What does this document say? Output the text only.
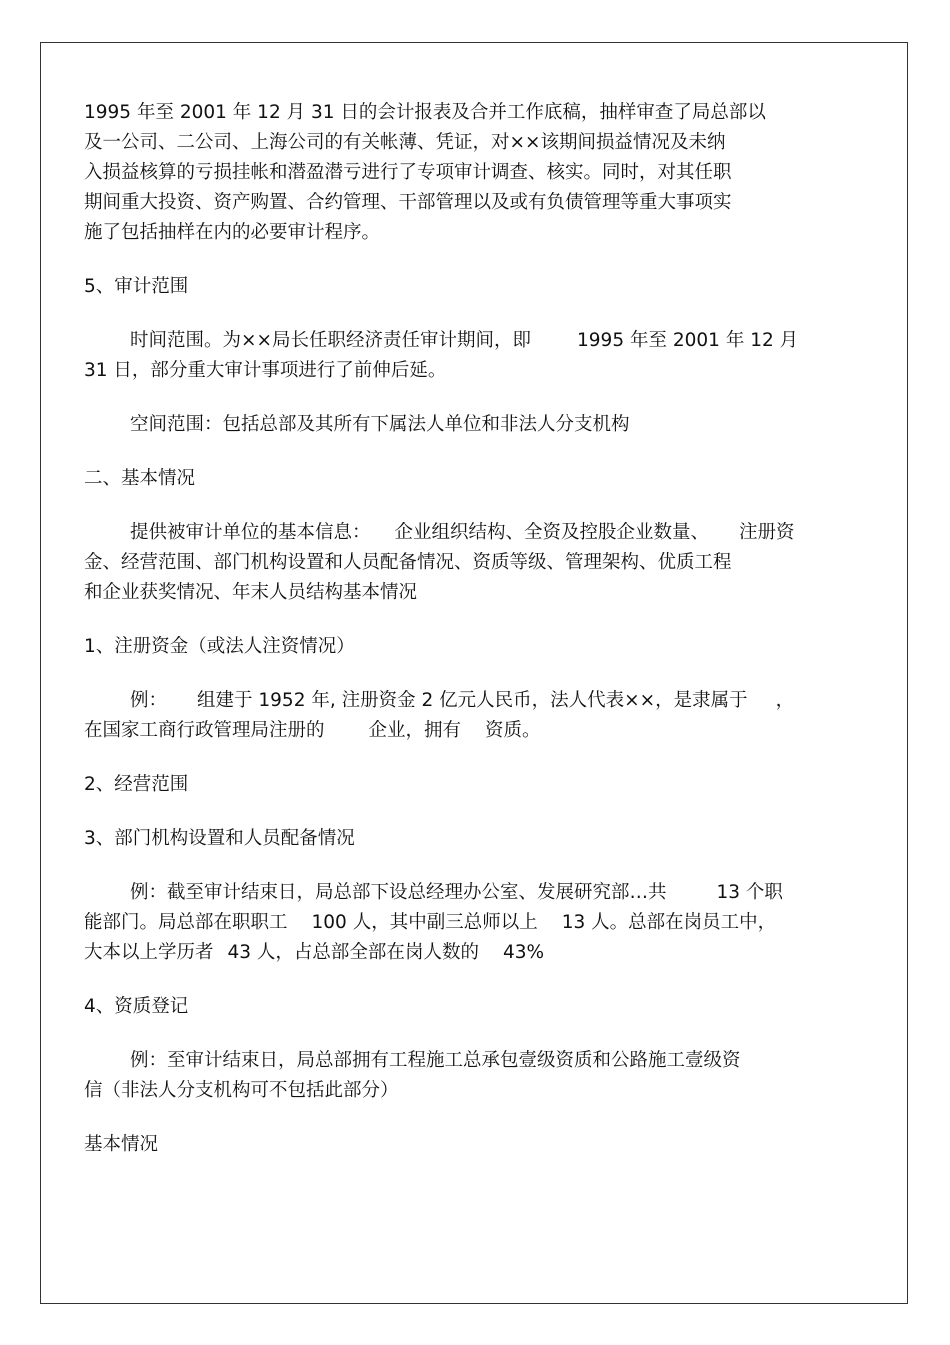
1995 年至 2001 年 12 月 31 日的会计报表及合并工作底稿，抽样审查了局总部以
及一公司、二公司、上海公司的有关帐薄、凭证，对××该期间损益情况及未纳
入损益核算的亏损挂帐和潜盈潜亏进行了专项审计调查、核实。同时，对其任职
期间重大投资、资产购置、合约管理、干部管理以及或有负债管理等重大事项实
施了包括抽样在内的必要审计程序。
5、审计范围
时间范围。为××局长任职经济责任审计期间，即 1995 年至 2001 年 12 月
31 日，部分重大审计事项进行了前伸后延。
空间范围：包括总部及其所有下属法人单位和非法人分支机构
二、基本情况
提供被审计单位的基本信息： 企业组织结构、全资及控股企业数量、 注册资
金、经营范围、部门机构设置和人员配备情况、资质等级、管理架构、优质工程
和企业获奖情况、年末人员结构基本情况
1、注册资金（或法人注资情况）
例： 组建于 1952 年, 注册资金 2 亿元人民币，法人代表××，是隶属于 ，
在国家工商行政管理局注册的 企业，拥有 资质。
2、经营范围
3、部门机构设置和人员配备情况
例：截至审计结束日，局总部下设总经理办公室、发展研究部…共	13 个职
能部门。局总部在职职工 100 人，其中副三总师以上 13 人。总部在岗员工中，
大本以上学历者 43 人，占总部全部在岗人数的 43%
4、资质登记
例：至审计结束日，局总部拥有工程施工总承包壹级资质和公路施工壹级资
信（非法人分支机构可不包括此部分）
基本情况
